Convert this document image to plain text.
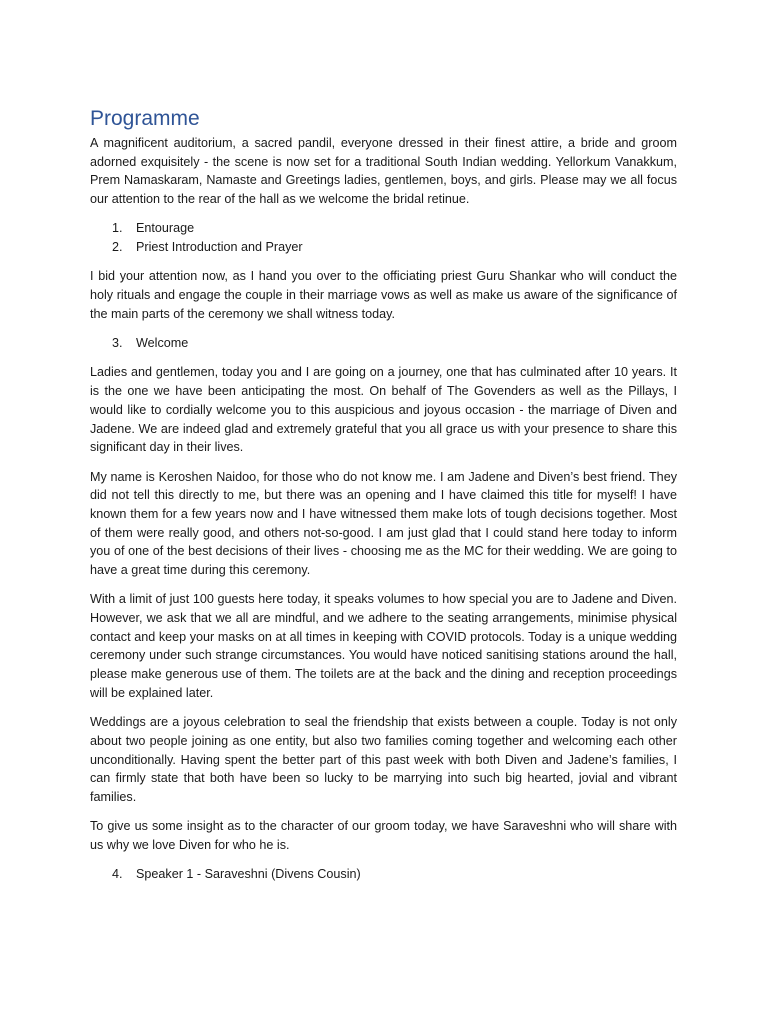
Programme

A magnificent auditorium, a sacred pandil, everyone dressed in their finest attire, a bride and groom adorned exquisitely - the scene is now set for a traditional South Indian wedding. Yellorkum Vanakkum, Prem Namaskaram, Namaste and Greetings ladies, gentlemen, boys, and girls. Please may we all focus our attention to the rear of the hall as we welcome the bridal retinue.

1.	Entourage
2.	Priest Introduction and Prayer

I bid your attention now, as I hand you over to the officiating priest Guru Shankar who will conduct the holy rituals and engage the couple in their marriage vows as well as make us aware of the significance of the main parts of the ceremony we shall witness today.

3.	Welcome

Ladies and gentlemen, today you and I are going on a journey, one that has culminated after 10 years. It is the one we have been anticipating the most. On behalf of The Govenders as well as the Pillays, I would like to cordially welcome you to this auspicious and joyous occasion - the marriage of Diven and Jadene. We are indeed glad and extremely grateful that you all grace us with your presence to share this significant day in their lives.

My name is Keroshen Naidoo, for those who do not know me. I am Jadene and Diven’s best friend. They did not tell this directly to me, but there was an opening and I have claimed this title for myself! I have known them for a few years now and I have witnessed them make lots of tough decisions together. Most of them were really good, and others not-so-good. I am just glad that I could stand here today to inform you of one of the best decisions of their lives - choosing me as the MC for their wedding. We are going to have a great time during this ceremony.

With a limit of just 100 guests here today, it speaks volumes to how special you are to Jadene and Diven. However, we ask that we all are mindful, and we adhere to the seating arrangements, minimise physical contact and keep your masks on at all times in keeping with COVID protocols. Today is a unique wedding ceremony under such strange circumstances. You would have noticed sanitising stations around the hall, please make generous use of them. The toilets are at the back and the dining and reception proceedings will be explained later.

Weddings are a joyous celebration to seal the friendship that exists between a couple. Today is not only about two people joining as one entity, but also two families coming together and welcoming each other unconditionally. Having spent the better part of this past week with both Diven and Jadene’s families, I can firmly state that both have been so lucky to be marrying into such big hearted, jovial and vibrant families.

To give us some insight as to the character of our groom today, we have Saraveshni who will share with us why we love Diven for who he is.

4.	Speaker 1 - Saraveshni (Divens Cousin)
